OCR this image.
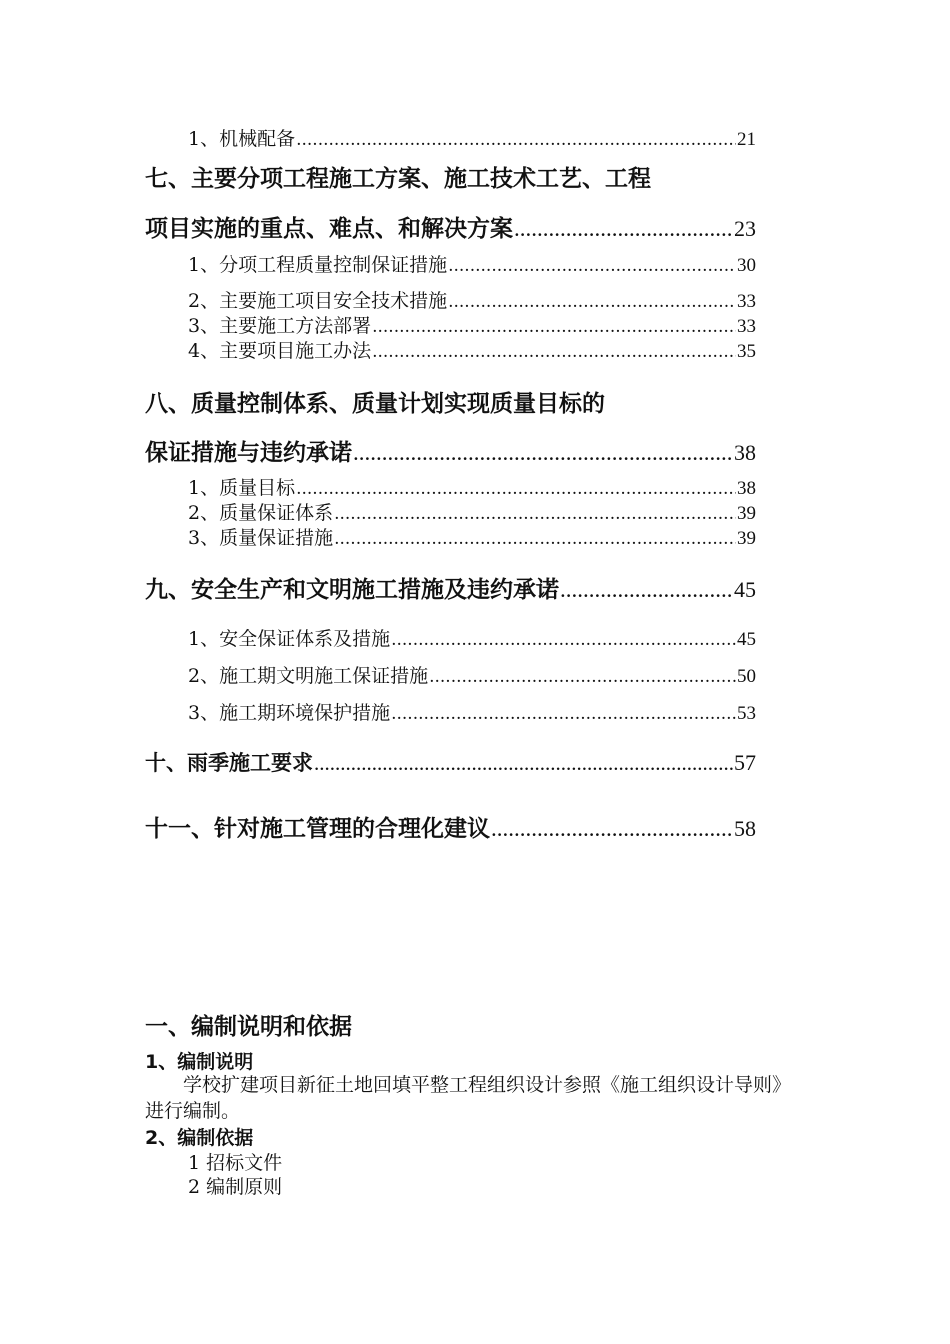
1、机械配备 .....	21
七、主要分项工程施工方案、施工技术工艺、工程
项目实施的重点、难点、和解决方案 .....	23
1、分项工程质量控制保证措施 .....	30
2、主要施工项目安全技术措施 .....	33
3、主要施工方法部署 .....	33
4、主要项目施工办法 .....	35
八、质量控制体系、质量计划实现质量目标的
保证措施与违约承诺 .....	38
1、质量目标 .....	38
2、质量保证体系 .....	39
3、质量保证措施 .....	39
九、安全生产和文明施工措施及违约承诺 .....	45
1、安全保证体系及措施 .....	45
2、施工期文明施工保证措施 .....	50
3、施工期环境保护措施 .....	53
十、雨季施工要求 .....	57
十一、针对施工管理的合理化建议 .....	58
一、编制说明和依据
1、编制说明
学校扩建项目新征土地回填平整工程组织设计参照《施工组织设计导则》进行编制。
2、编制依据
1 招标文件
2 编制原则
